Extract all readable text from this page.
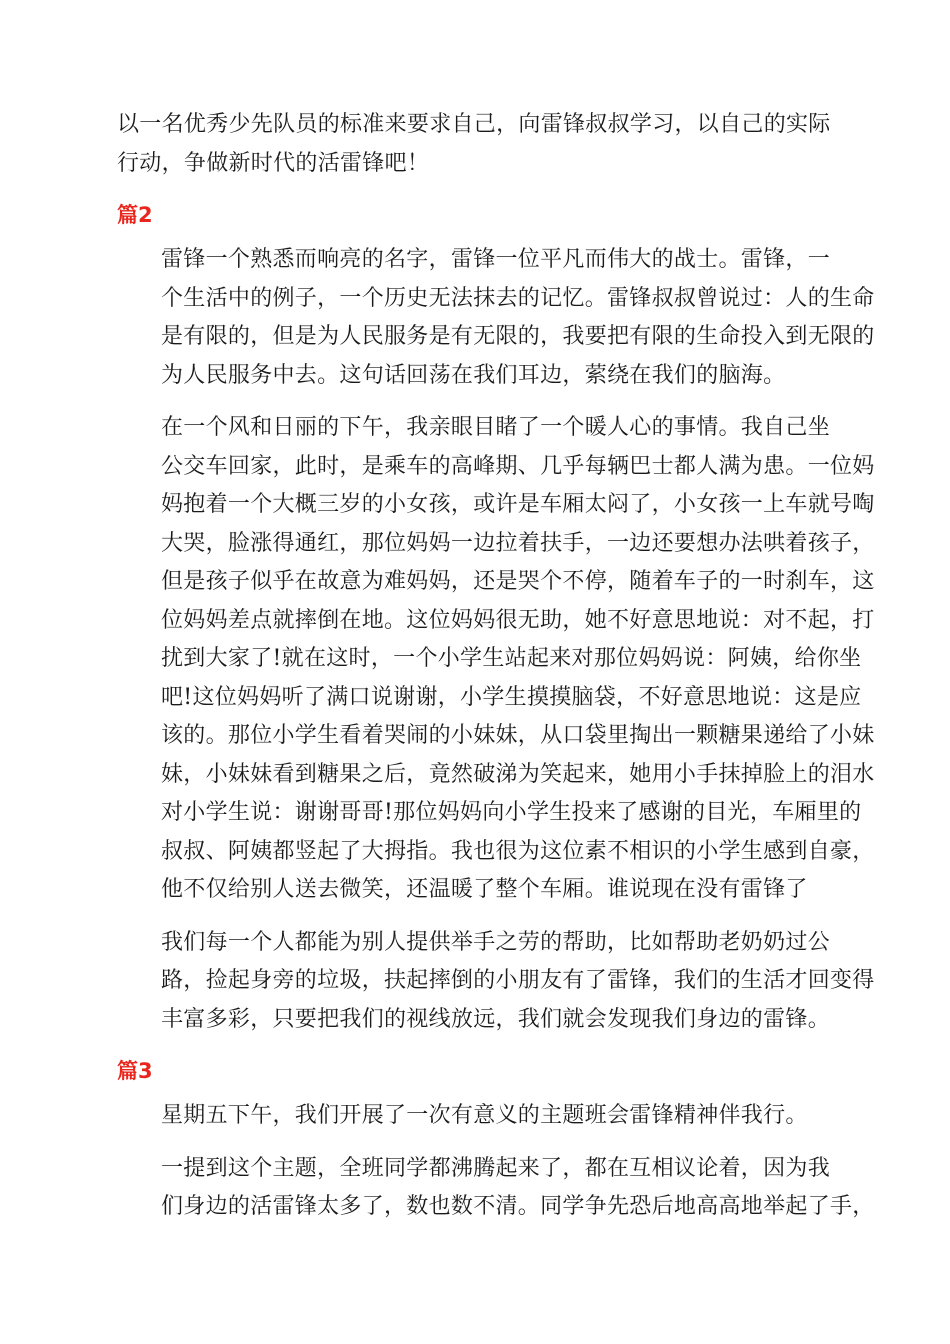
以一名优秀少先队员的标准来要求自己，向雷锋叔叔学习，以自己的实际
行动，争做新时代的活雷锋吧！

篇2

雷锋一个熟悉而响亮的名字，雷锋一位平凡而伟大的战士。雷锋，一
个生活中的例子，一个历史无法抹去的记忆。雷锋叔叔曾说过：人的生命
是有限的，但是为人民服务是有无限的，我要把有限的生命投入到无限的
为人民服务中去。这句话回荡在我们耳边，萦绕在我们的脑海。

在一个风和日丽的下午，我亲眼目睹了一个暖人心的事情。我自己坐
公交车回家，此时，是乘车的高峰期、几乎每辆巴士都人满为患。一位妈
妈抱着一个大概三岁的小女孩，或许是车厢太闷了，小女孩一上车就号啕
大哭，脸涨得通红，那位妈妈一边拉着扶手，一边还要想办法哄着孩子，
但是孩子似乎在故意为难妈妈，还是哭个不停，随着车子的一时刹车，这
位妈妈差点就摔倒在地。这位妈妈很无助，她不好意思地说：对不起，打
扰到大家了!就在这时，一个小学生站起来对那位妈妈说：阿姨，给你坐
吧!这位妈妈听了满口说谢谢，小学生摸摸脑袋，不好意思地说：这是应
该的。那位小学生看着哭闹的小妹妹，从口袋里掏出一颗糖果递给了小妹
妹，小妹妹看到糖果之后，竟然破涕为笑起来，她用小手抹掉脸上的泪水
对小学生说：谢谢哥哥!那位妈妈向小学生投来了感谢的目光，车厢里的
叔叔、阿姨都竖起了大拇指。我也很为这位素不相识的小学生感到自豪，
他不仅给别人送去微笑，还温暖了整个车厢。谁说现在没有雷锋了

我们每一个人都能为别人提供举手之劳的帮助，比如帮助老奶奶过公
路，捡起身旁的垃圾，扶起摔倒的小朋友有了雷锋，我们的生活才回变得
丰富多彩，只要把我们的视线放远，我们就会发现我们身边的雷锋。

篇3

星期五下午，我们开展了一次有意义的主题班会雷锋精神伴我行。

一提到这个主题，全班同学都沸腾起来了，都在互相议论着，因为我
们身边的活雷锋太多了，数也数不清。同学争先恐后地高高地举起了手，
